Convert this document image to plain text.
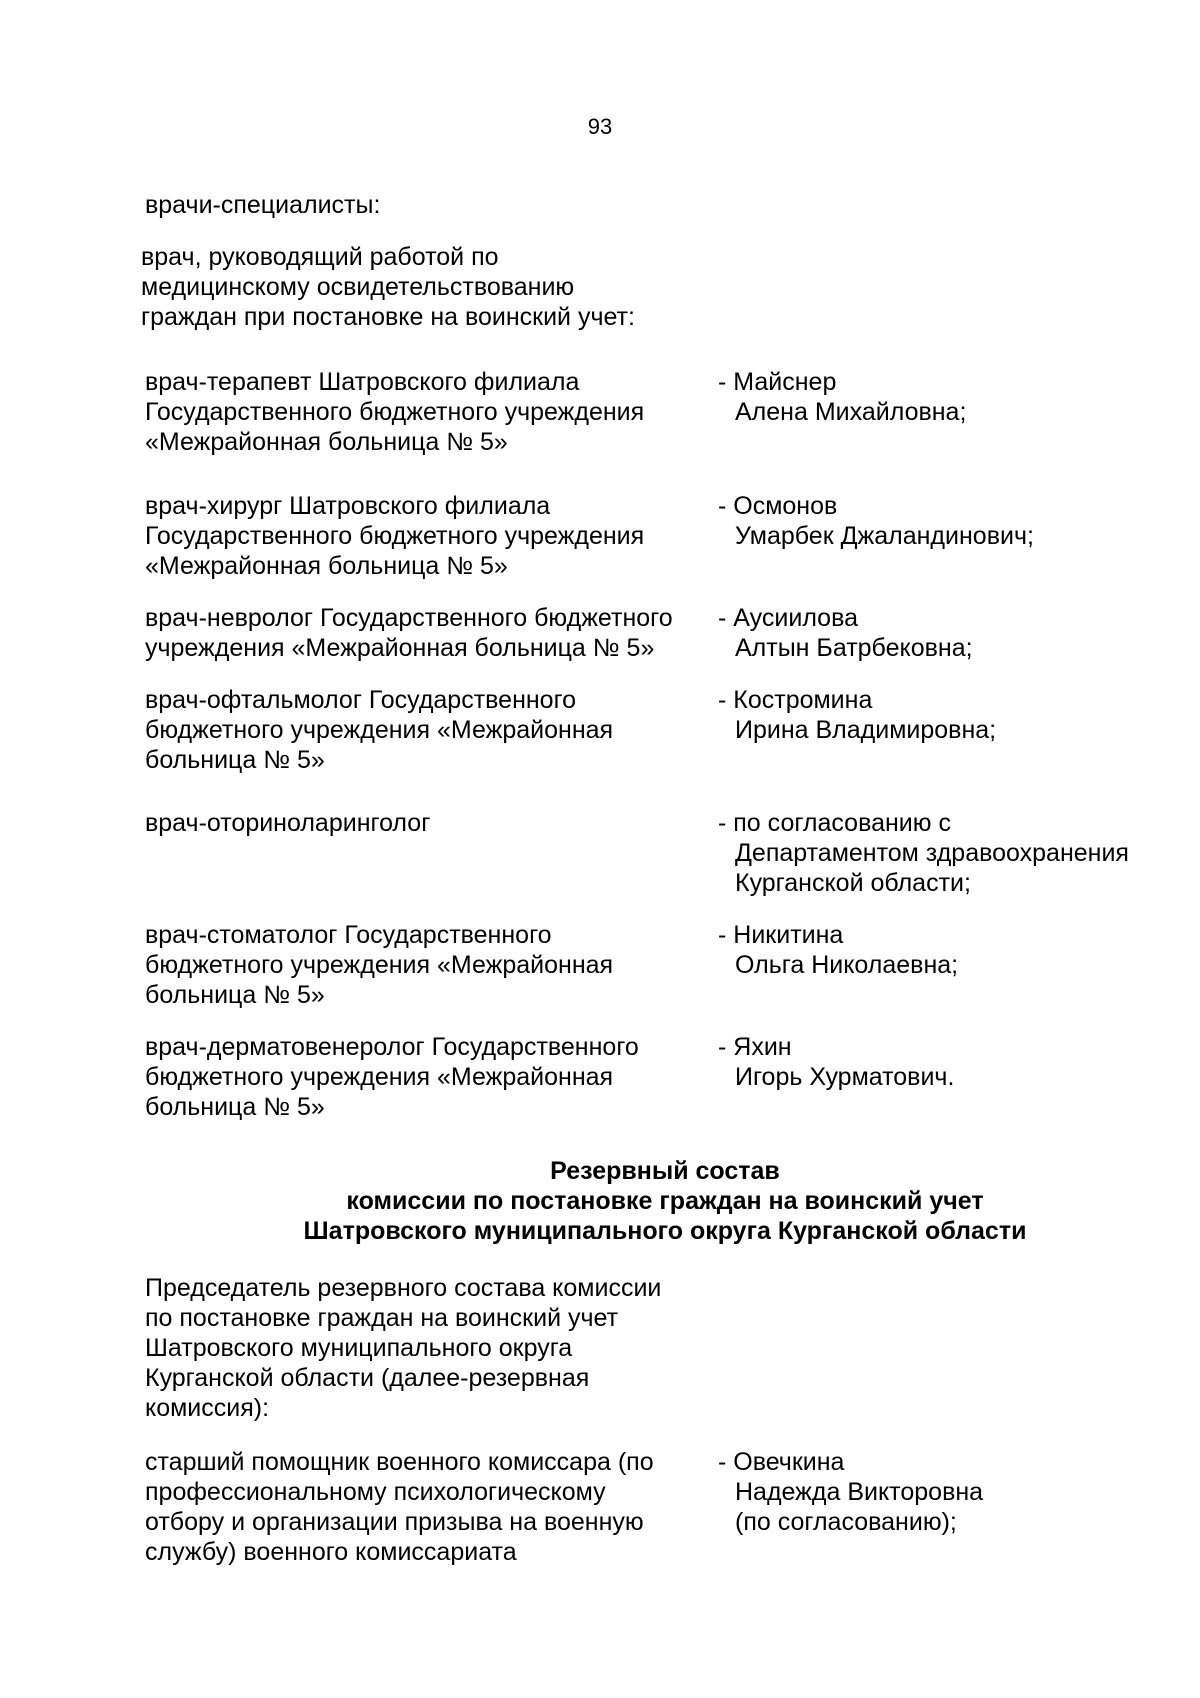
93
врачи-специалисты:
врач, руководящий работой по
медицинскому освидетельствованию
граждан при постановке на воинский учет:
врач-терапевт Шатровского филиала
Государственного бюджетного учреждения
«Межрайонная больница № 5»
- Майснер
Алена Михайловна;
врач-хирург Шатровского филиала
Государственного бюджетного учреждения
«Межрайонная больница № 5»
- Осмонов
Умарбек Джаландинович;
врач-невролог Государственного бюджетного
учреждения «Межрайонная больница № 5»
- Аусиилова
Алтын Батрбековна;
врач-офтальмолог Государственного
бюджетного учреждения «Межрайонная
больница № 5»
- Костромина
Ирина Владимировна;
врач-оториноларинголог	- по согласованию с
Департаментом здравоохранения
Курганской области;
врач-стоматолог Государственного
бюджетного учреждения «Межрайонная
больница № 5»
- Никитина
Ольга Николаевна;
врач-дерматовенеролог Государственного
бюджетного учреждения «Межрайонная
больница № 5»
- Яхин
Игорь Хурматович.
Резервный состав
комиссии по постановке граждан на воинский учет
Шатровского муниципального округа Курганской области
Председатель резервного состава комиссии
по постановке граждан на воинский учет
Шатровского муниципального округа
Курганской области (далее-резервная
комиссия):
старший помощник военного комиссара (по
профессиональному психологическому
отбору и организации призыва на военную
службу) военного комиссариата
- Овечкина
Надежда Викторовна
(по согласованию);
